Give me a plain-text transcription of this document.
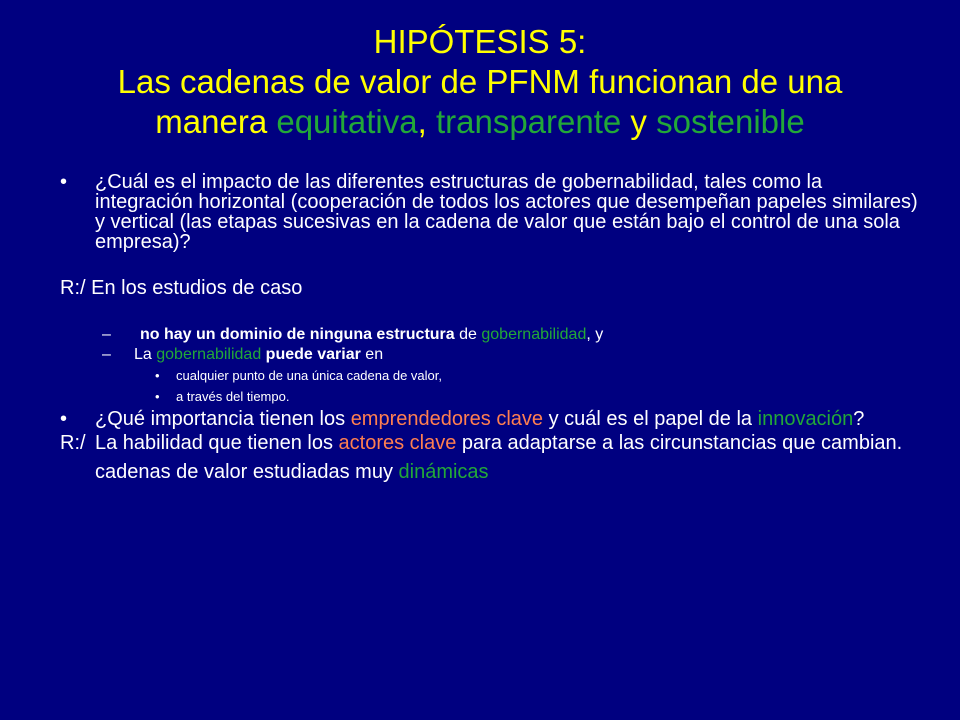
HIPÓTESIS 5:
Las cadenas de valor de PFNM funcionan de una
manera equitativa, transparente y sostenible
• ¿Cuál es el impacto de las diferentes estructuras de gobernabilidad, tales como la integración horizontal (cooperación de todos los actores que desempeñan papeles similares) y vertical (las etapas sucesivas en la cadena de valor que están bajo el control de una sola empresa)?
R:/ En los estudios de caso
– no hay un dominio de ninguna estructura de gobernabilidad, y
– La gobernabilidad puede variar en
• cualquier punto de una única cadena de valor,
• a través del tiempo.
• ¿Qué importancia tienen los emprendedores clave y cuál es el papel de la innovación?
R:/ La habilidad que tienen los actores clave para adaptarse a las circunstancias que cambian.
cadenas de valor estudiadas muy dinámicas
